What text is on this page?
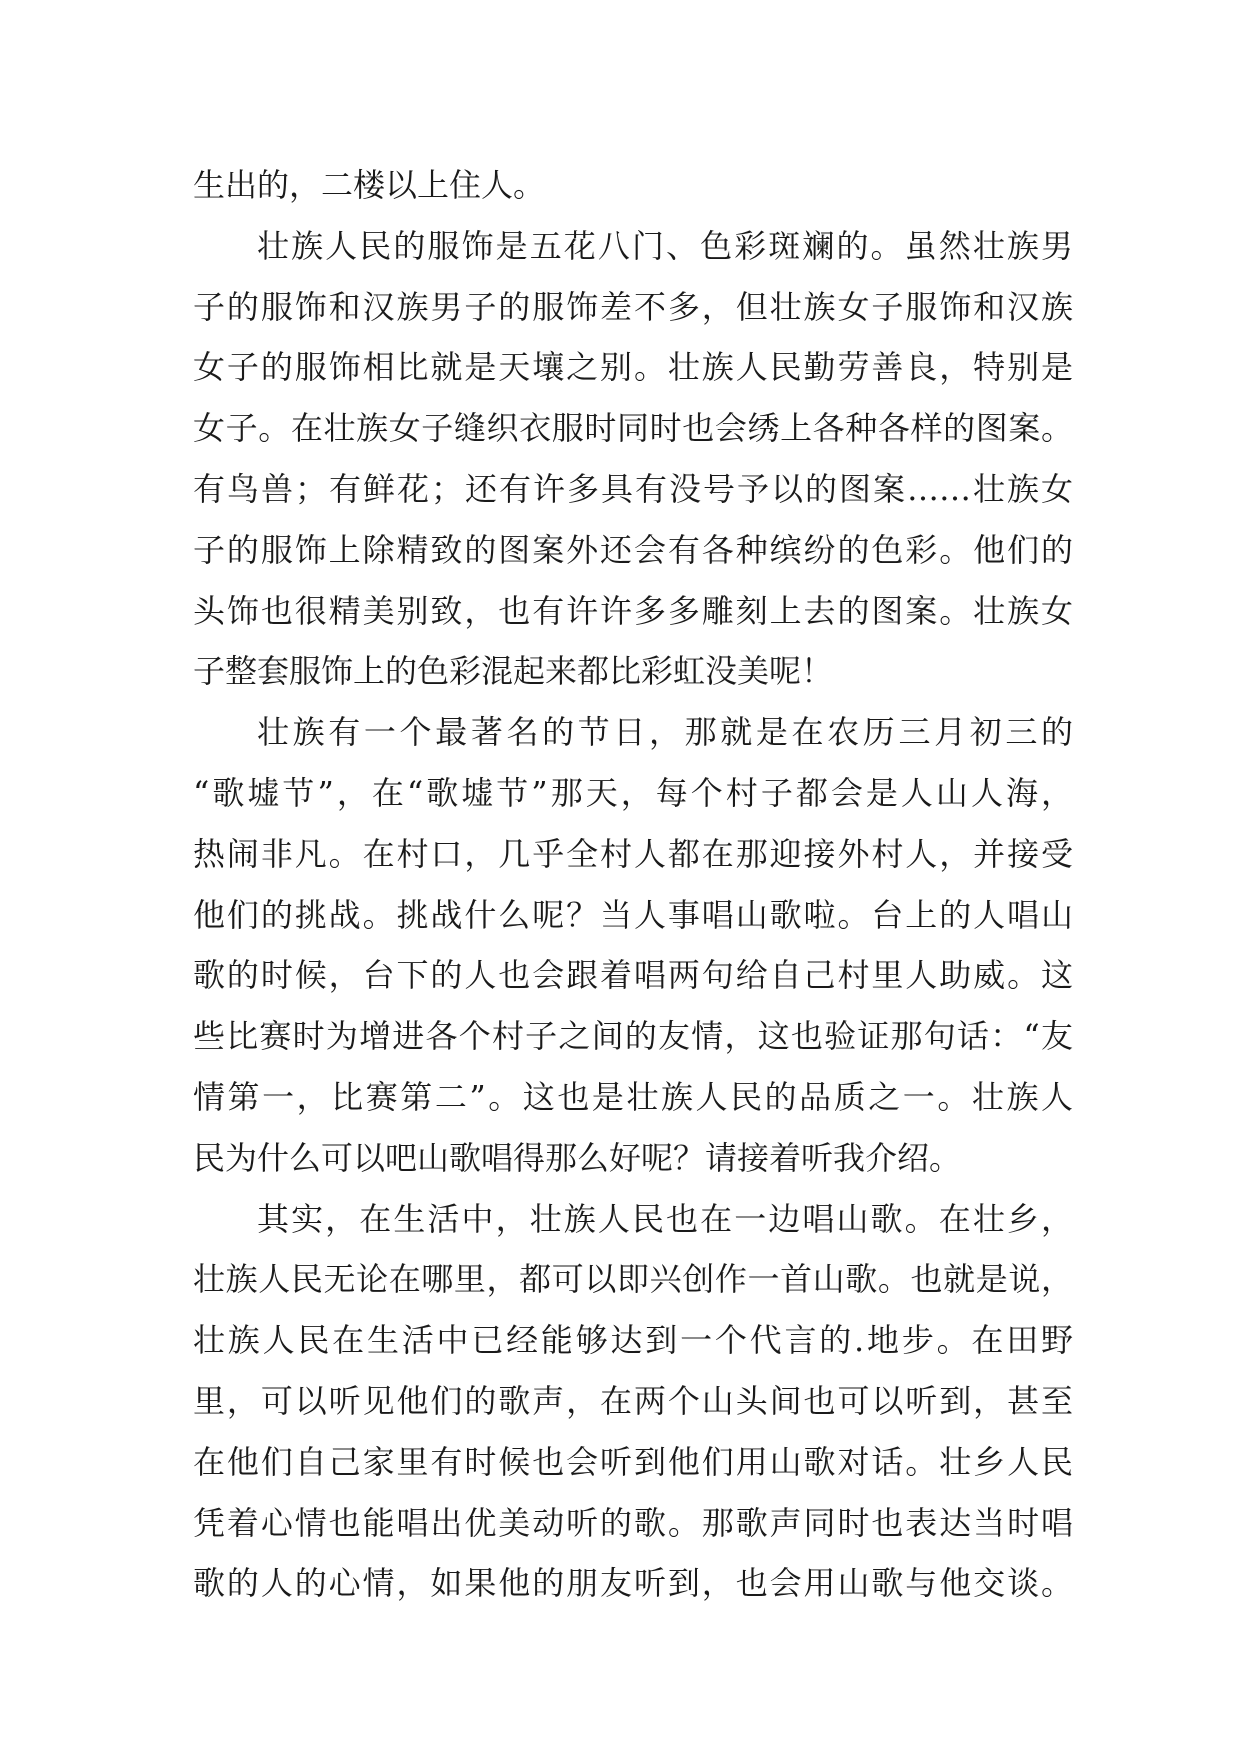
生出的，二楼以上住人。
壮族人民的服饰是五花八门、色彩斑斓的。虽然壮族男
子的服饰和汉族男子的服饰差不多，但壮族女子服饰和汉族
女子的服饰相比就是天壤之别。壮族人民勤劳善良，特别是
女子。在壮族女子缝织衣服时同时也会绣上各种各样的图案。
有鸟兽；有鲜花；还有许多具有没号予以的图案……壮族女
子的服饰上除精致的图案外还会有各种缤纷的色彩。他们的
头饰也很精美别致，也有许许多多雕刻上去的图案。壮族女
子整套服饰上的色彩混起来都比彩虹没美呢！
壮族有一个最著名的节日，那就是在农历三月初三的
“歌墟节”，在“歌墟节”那天，每个村子都会是人山人海，
热闹非凡。在村口，几乎全村人都在那迎接外村人，并接受
他们的挑战。挑战什么呢？当人事唱山歌啦。台上的人唱山
歌的时候，台下的人也会跟着唱两句给自己村里人助威。这
些比赛时为增进各个村子之间的友情，这也验证那句话：“友
情第一，比赛第二”。这也是壮族人民的品质之一。壮族人
民为什么可以吧山歌唱得那么好呢？请接着听我介绍。
其实，在生活中，壮族人民也在一边唱山歌。在壮乡，
壮族人民无论在哪里，都可以即兴创作一首山歌。也就是说，
壮族人民在生活中已经能够达到一个代言的.地步。在田野
里，可以听见他们的歌声，在两个山头间也可以听到，甚至
在他们自己家里有时候也会听到他们用山歌对话。壮乡人民
凭着心情也能唱出优美动听的歌。那歌声同时也表达当时唱
歌的人的心情，如果他的朋友听到，也会用山歌与他交谈。
